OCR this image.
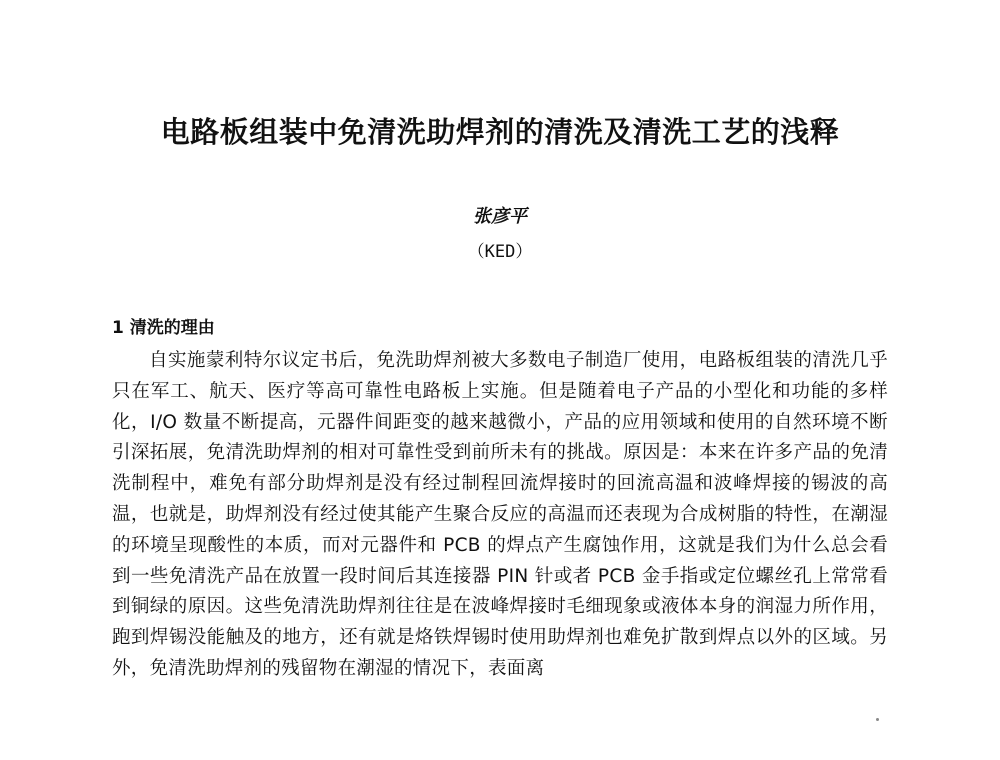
电路板组装中免清洗助焊剂的清洗及清洗工艺的浅释
张彦平
（KED）
1 清洗的理由

自实施蒙利特尔议定书后，免洗助焊剂被大多数电子制造厂使用，电路板组装的清洗几乎只在军工、航天、医疗等高可靠性电路板上实施。但是随着电子产品的小型化和功能的多样化，I/O 数量不断提高，元器件间距变的越来越微小，产品的应用领域和使用的自然环境不断引深拓展，免清洗助焊剂的相对可靠性受到前所未有的挑战。原因是：本来在许多产品的免清洗制程中，难免有部分助焊剂是没有经过制程回流焊接时的回流高温和波峰焊接的锡波的高温，也就是，助焊剂没有经过使其能产生聚合反应的高温而还表现为合成树脂的特性，在潮湿的环境呈现酸性的本质，而对元器件和 PCB 的焊点产生腐蚀作用，这就是我们为什么总会看到一些免清洗产品在放置一段时间后其连接器 PIN 针或者 PCB 金手指或定位螺丝孔上常常看到铜绿的原因。这些免清洗助焊剂往往是在波峰焊接时毛细现象或液体本身的润湿力所作用，跑到焊锡没能触及的地方，还有就是烙铁焊锡时使用助焊剂也难免扩散到焊点以外的区域。另外，免清洗助焊剂的残留物在潮湿的情况下，表面离
